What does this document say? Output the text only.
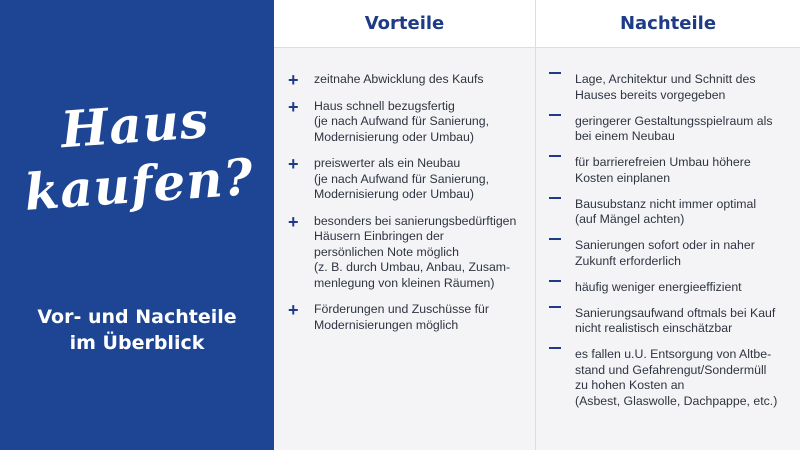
Haus
kaufen?
Vor- und Nachteile
im Überblick
Vorteile	Nachteile
+ zeitnahe Abwicklung des Kaufs
+ Haus schnell bezugsfertig
(je nach Aufwand für Sanierung,
Modernisierung oder Umbau)
+ preiswerter als ein Neubau
(je nach Aufwand für Sanierung,
Modernisierung oder Umbau)
+ besonders bei sanierungsbedürftigen
Häusern Einbringen der
persönlichen Note möglich
(z. B. durch Umbau, Anbau, Zusam-
menlegung von kleinen Räumen)
+ Förderungen und Zuschüsse für
Modernisierungen möglich
Lage, Architektur und Schnitt des
Hauses bereits vorgegeben
geringerer Gestaltungsspielraum als
bei einem Neubau
für barrierefreien Umbau höhere
Kosten einplanen
Bausubstanz nicht immer optimal
(auf Mängel achten)
Sanierungen sofort oder in naher
Zukunft erforderlich
häufig weniger energieeffizient
Sanierungsaufwand oftmals bei Kauf
nicht realistisch einschätzbar
es fallen u.U. Entsorgung von Altbe-
stand und Gefahrengut/Sondermüll
zu hohen Kosten an
(Asbest, Glaswolle, Dachpappe, etc.)
